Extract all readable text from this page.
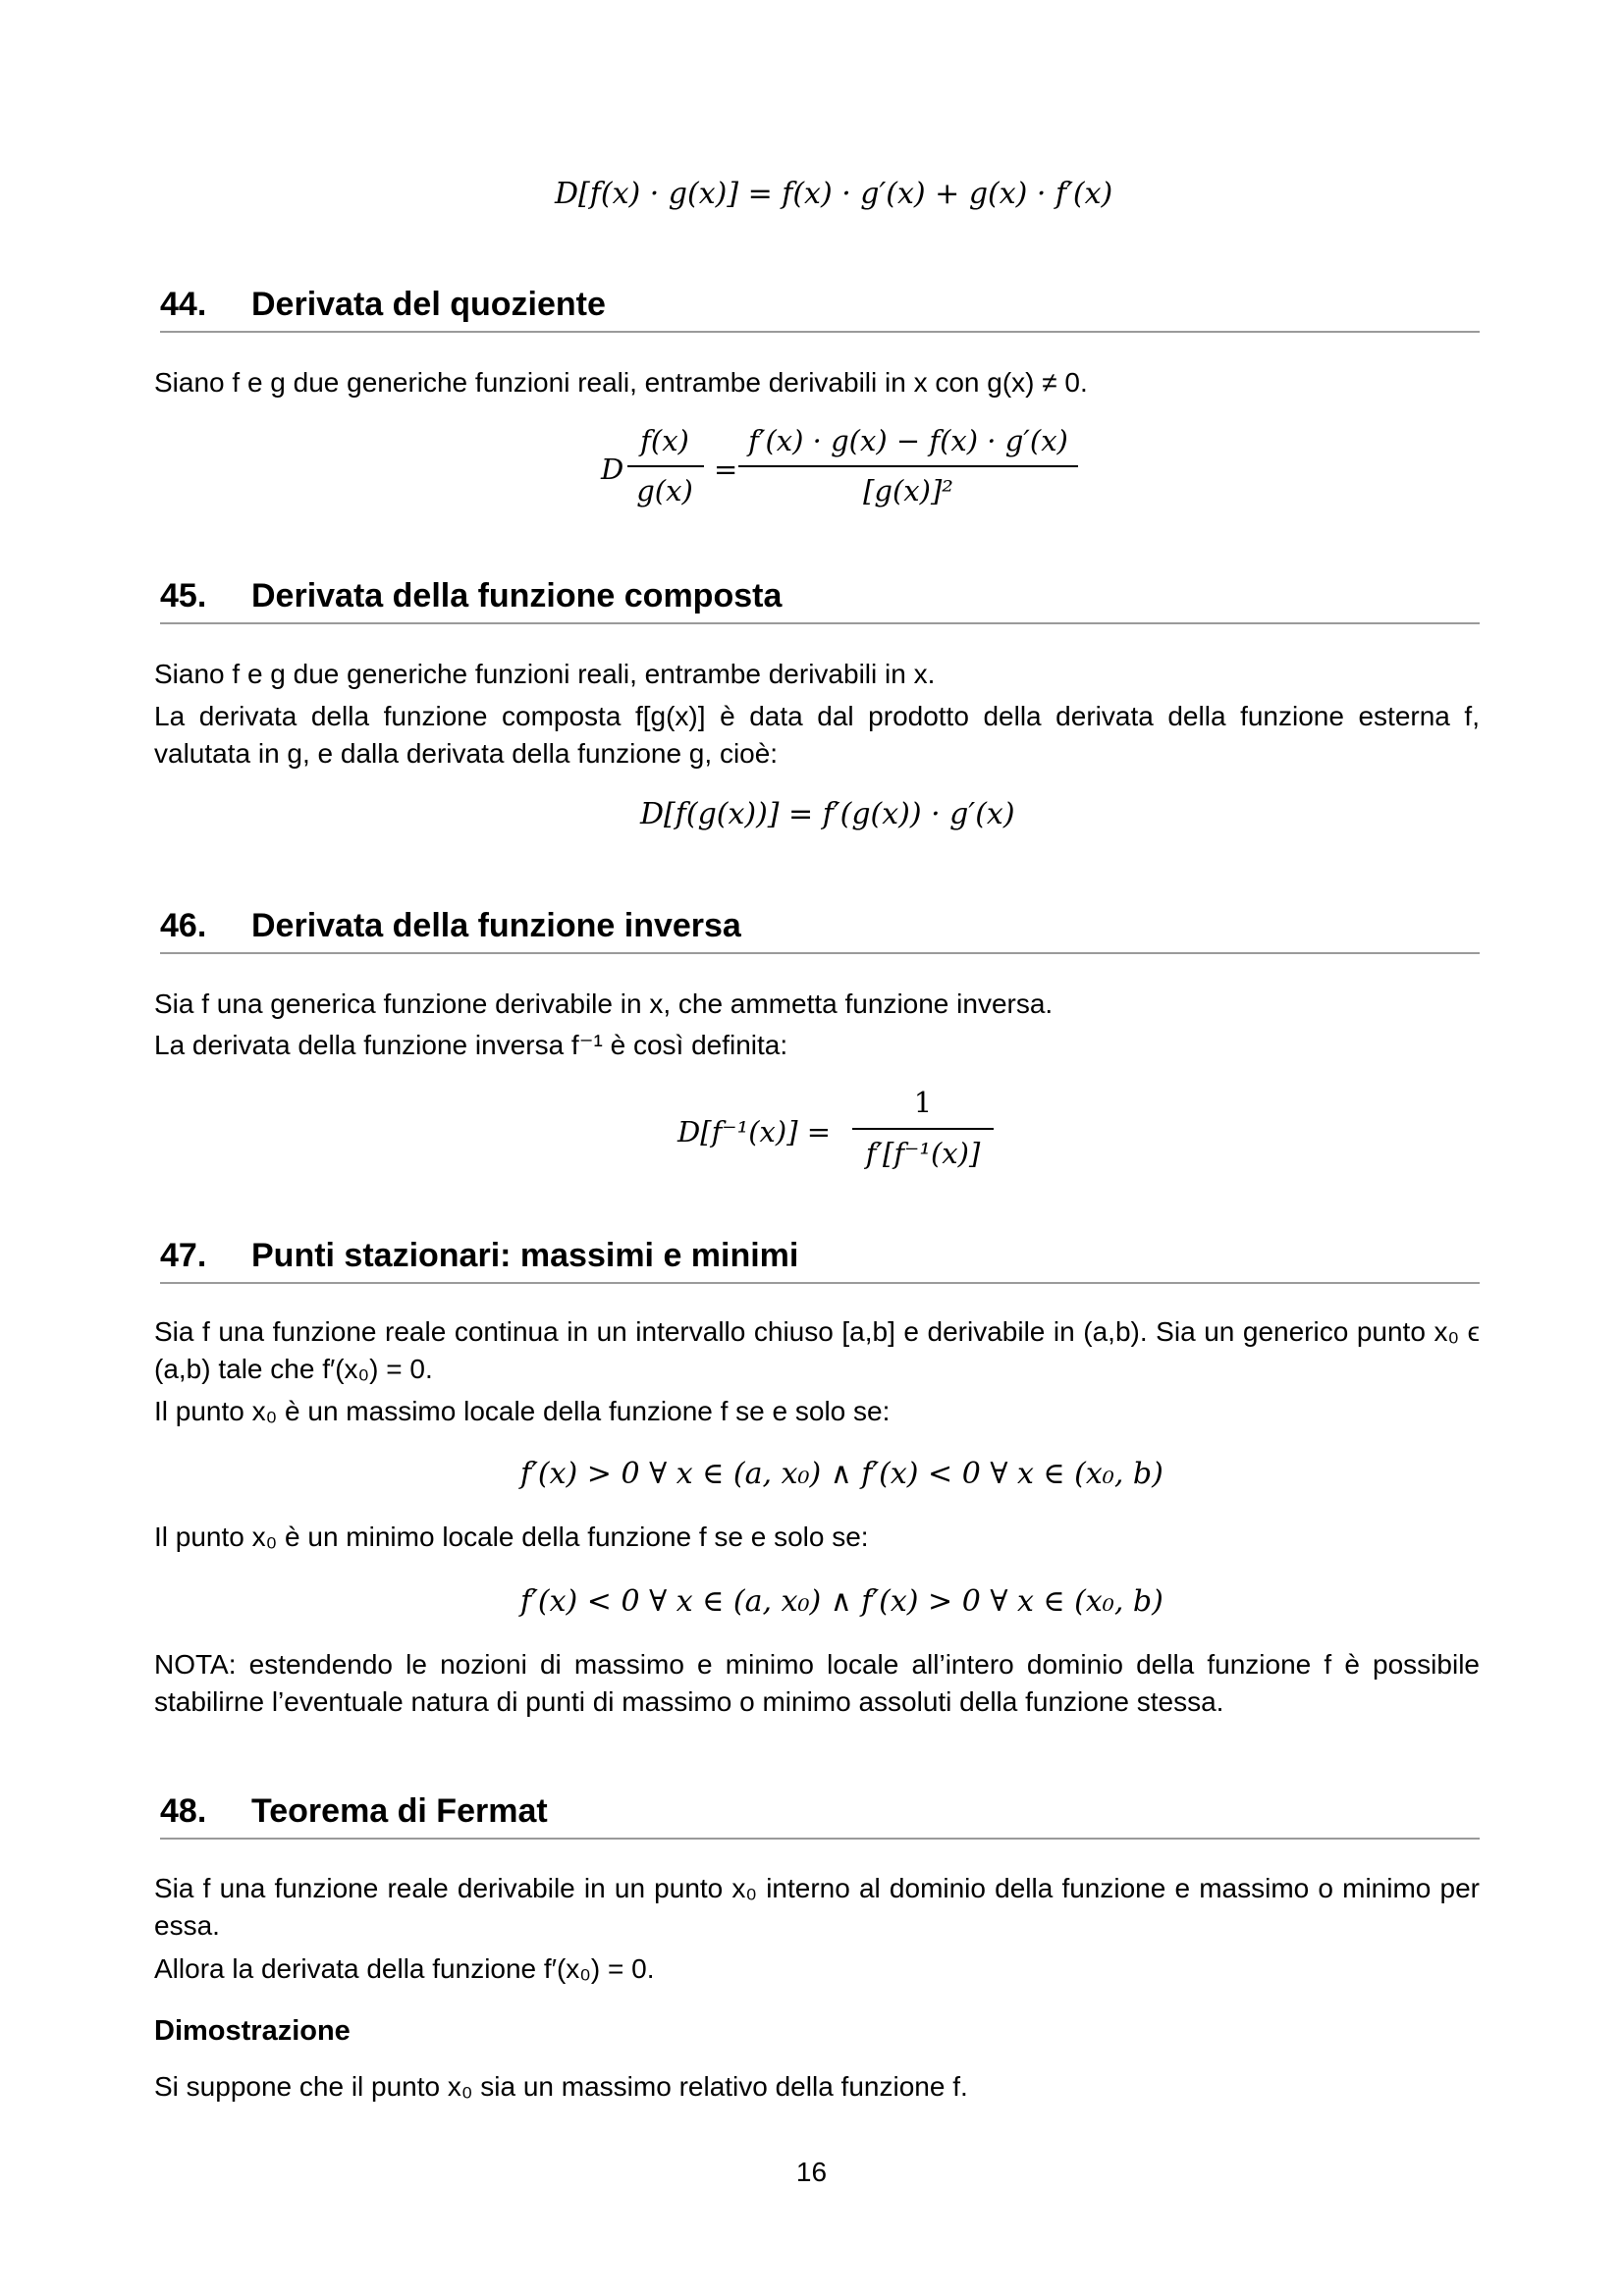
D[f(x) · g(x)] = f(x) · g′(x) + g(x) · f′(x)
44. Derivata del quoziente
Siano f e g due generiche funzioni reali, entrambe derivabili in x con g(x) ≠ 0.
D
f(x)
g(x)
=
f′(x) · g(x) − f(x) · g′(x)
[g(x)]²
45. Derivata della funzione composta
Siano f e g due generiche funzioni reali, entrambe derivabili in x.
La derivata della funzione composta f[g(x)] è data dal prodotto della derivata della funzione esterna f, valutata in g, e dalla derivata della funzione g, cioè:
D[f(g(x))] = f′(g(x)) · g′(x)
46. Derivata della funzione inversa
Sia f una generica funzione derivabile in x, che ammetta funzione inversa.
La derivata della funzione inversa f⁻¹ è così definita:
D[f⁻¹(x)] =
1
f′[f⁻¹(x)]
47. Punti stazionari: massimi e minimi
Sia f una funzione reale continua in un intervallo chiuso [a,b] e derivabile in (a,b). Sia un generico punto x₀ ϵ (a,b) tale che f′(x₀) = 0.
Il punto x₀ è un massimo locale della funzione f se e solo se:
f′(x) > 0 ∀ x ∈ (a, x₀) ∧ f′(x) < 0 ∀ x ∈ (x₀, b)
Il punto x₀ è un minimo locale della funzione f se e solo se:
f′(x) < 0 ∀ x ∈ (a, x₀) ∧ f′(x) > 0 ∀ x ∈ (x₀, b)
NOTA: estendendo le nozioni di massimo e minimo locale all’intero dominio della funzione f è possibile stabilirne l’eventuale natura di punti di massimo o minimo assoluti della funzione stessa.
48. Teorema di Fermat
Sia f una funzione reale derivabile in un punto x₀ interno al dominio della funzione e massimo o minimo per essa.
Allora la derivata della funzione f′(x₀) = 0.
Dimostrazione
Si suppone che il punto x₀ sia un massimo relativo della funzione f.
16
